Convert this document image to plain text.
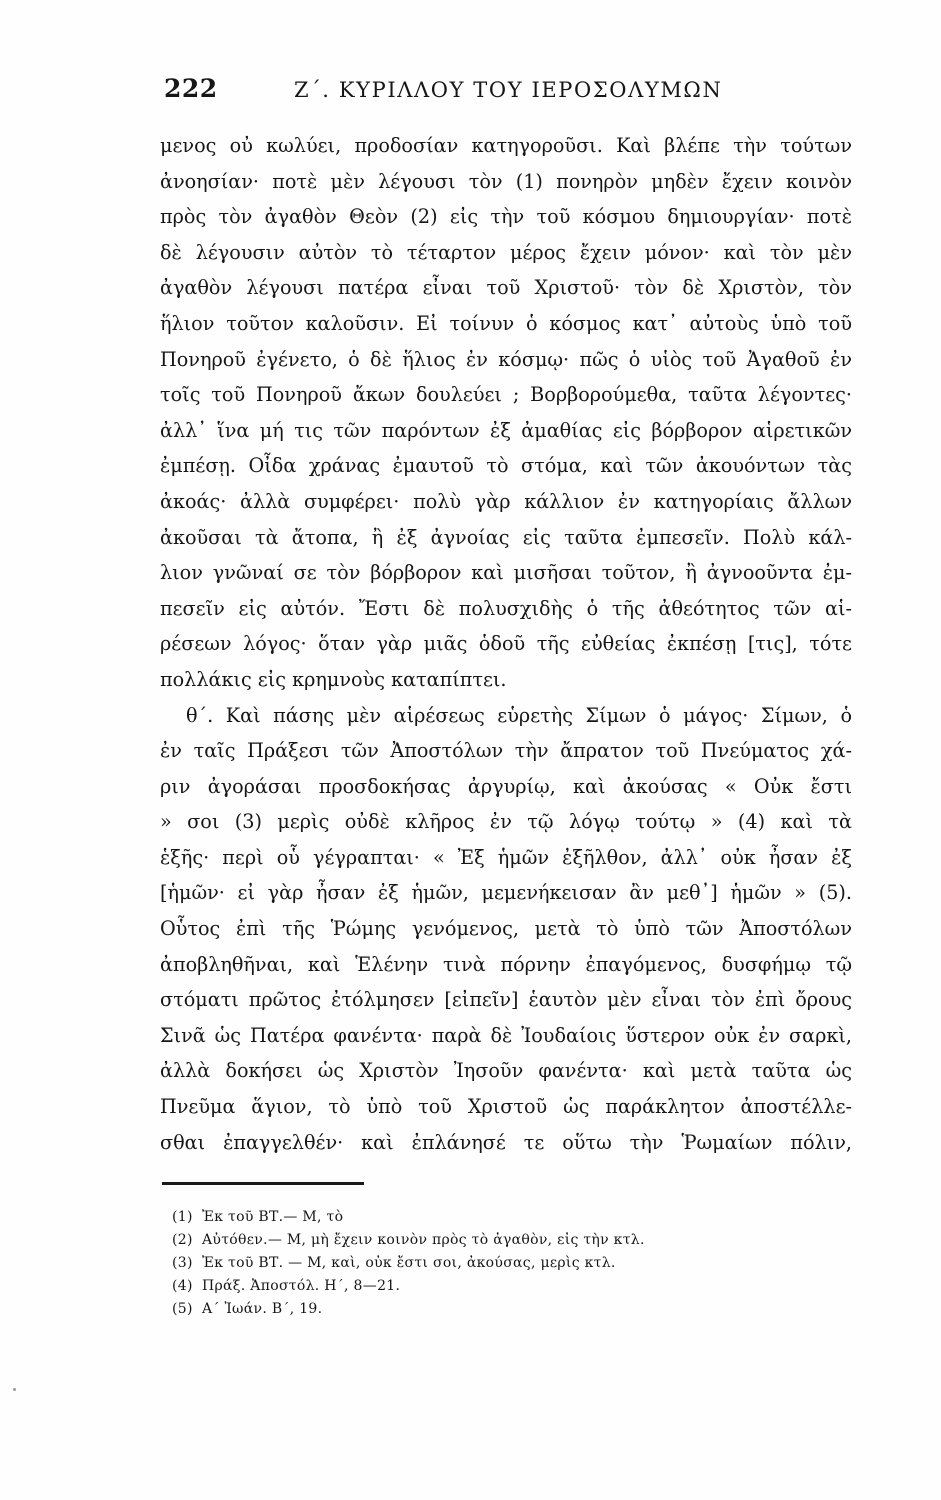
222	Ζ΄. ΚΥΡΙΛΛΟΥ ΤΟΥ ΙΕΡΟΣΟΛΥΜΩΝ
μενος οὐ κωλύει, προδοσίαν κατηγοροῦσι. Καὶ βλέπε τὴν τούτων
ἀνοησίαν· ποτὲ μὲν λέγουσι τὸν (1) πονηρὸν μηδὲν ἔχειν κοινὸν
πρὸς τὸν ἀγαθὸν Θεὸν (2) εἰς τὴν τοῦ κόσμου δημιουργίαν· ποτὲ
δὲ λέγουσιν αὐτὸν τὸ τέταρτον μέρος ἔχειν μόνον· καὶ τὸν μὲν
ἀγαθὸν λέγουσι πατέρα εἶναι τοῦ Χριστοῦ· τὸν δὲ Χριστὸν, τὸν
ἥλιον τοῦτον καλοῦσιν. Εἰ τοίνυν ὁ κόσμος κατ᾽ αὐτοὺς ὑπὸ τοῦ
Πονηροῦ ἐγένετο, ὁ δὲ ἥλιος ἐν κόσμῳ· πῶς ὁ υἱὸς τοῦ Ἀγαθοῦ ἐν
τοῖς τοῦ Πονηροῦ ἄκων δουλεύει ; Βορβορούμεθα, ταῦτα λέγοντες·
ἀλλ᾽ ἵνα μή τις τῶν παρόντων ἐξ ἀμαθίας εἰς βόρβορον αἱρετικῶν
ἐμπέσῃ. Οἶδα χράνας ἐμαυτοῦ τὸ στόμα, καὶ τῶν ἀκουόντων τὰς
ἀκοάς· ἀλλὰ συμφέρει· πολὺ γὰρ κάλλιον ἐν κατηγορίαις ἄλλων
ἀκοῦσαι τὰ ἄτοπα, ἢ ἐξ ἀγνοίας εἰς ταῦτα ἐμπεσεῖν. Πολὺ κάλ-
λιον γνῶναί σε τὸν βόρβορον καὶ μισῆσαι τοῦτον, ἢ ἀγνοοῦντα ἐμ-
πεσεῖν εἰς αὐτόν. Ἔστι δὲ πολυσχιδὴς ὁ τῆς ἀθεότητος τῶν αἱ-
ρέσεων λόγος· ὅταν γὰρ μιᾶς ὁδοῦ τῆς εὐθείας ἐκπέσῃ [τις], τότε
πολλάκις εἰς κρημνοὺς καταπίπτει.
θ΄. Καὶ πάσης μὲν αἱρέσεως εὑρετὴς Σίμων ὁ μάγος· Σίμων, ὁ
ἐν ταῖς Πράξεσι τῶν Ἀποστόλων τὴν ἄπρατον τοῦ Πνεύματος χά-
ριν ἀγοράσαι προσδοκήσας ἀργυρίῳ, καὶ ἀκούσας « Οὐκ ἔστι
» σοι (3) μερὶς οὐδὲ κλῆρος ἐν τῷ λόγῳ τούτῳ » (4) καὶ τὰ
ἑξῆς· περὶ οὗ γέγραπται· « Ἐξ ἡμῶν ἐξῆλθον, ἀλλ᾽ οὐκ ἦσαν ἐξ
[ἡμῶν· εἰ γὰρ ἦσαν ἐξ ἡμῶν, μεμενήκεισαν ἂν μεθ᾽] ἡμῶν » (5).
Οὗτος ἐπὶ τῆς Ῥώμης γενόμενος, μετὰ τὸ ὑπὸ τῶν Ἀποστόλων
ἀποβληθῆναι, καὶ Ἑλένην τινὰ πόρνην ἐπαγόμενος, δυσφήμῳ τῷ
στόματι πρῶτος ἐτόλμησεν [εἰπεῖν] ἑαυτὸν μὲν εἶναι τὸν ἐπὶ ὄρους
Σινᾶ ὡς Πατέρα φανέντα· παρὰ δὲ Ἰουδαίοις ὕστερον οὐκ ἐν σαρκὶ,
ἀλλὰ δοκήσει ὡς Χριστὸν Ἰησοῦν φανέντα· καὶ μετὰ ταῦτα ὡς
Πνεῦμα ἅγιον, τὸ ὑπὸ τοῦ Χριστοῦ ὡς παράκλητον ἀποστέλλε-
σθαι ἐπαγγελθέν· καὶ ἐπλάνησέ τε οὕτω τὴν Ῥωμαίων πόλιν,
(1) Ἐκ τοῦ ΒΤ.— Μ, τὸ
(2) Αὐτόθεν.— Μ, μὴ ἔχειν κοινὸν πρὸς τὸ ἀγαθὸν, εἰς τὴν κτλ.
(3) Ἐκ τοῦ ΒΤ. — Μ, καὶ, οὐκ ἔστι σοι, ἀκούσας, μερὶς κτλ.
(4) Πράξ. Ἀποστόλ. Η΄, 8—21.
(5) Α΄ Ἰωάν. Β΄, 19.
